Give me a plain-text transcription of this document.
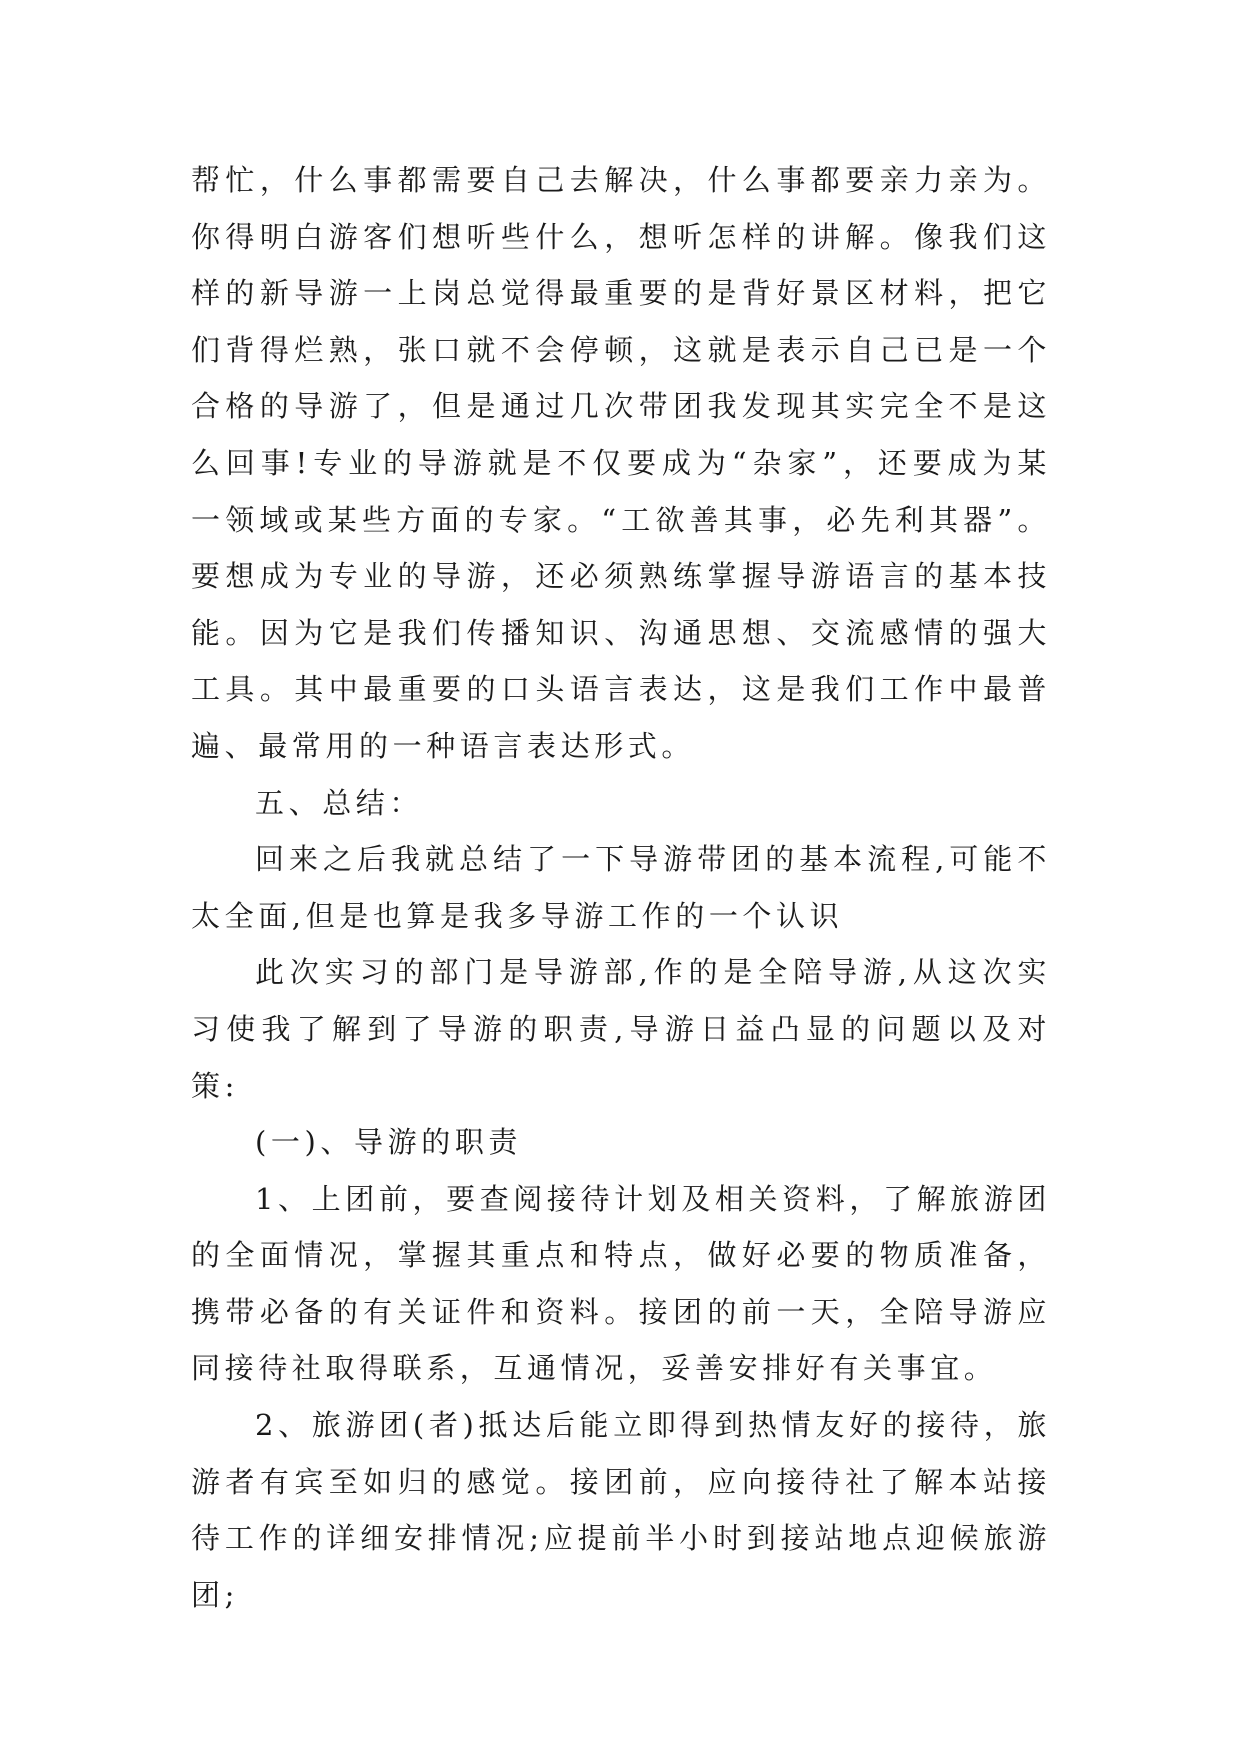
帮忙，什么事都需要自己去解决，什么事都要亲力亲为。你得明白游客们想听些什么，想听怎样的讲解。像我们这样的新导游一上岗总觉得最重要的是背好景区材料，把它们背得烂熟，张口就不会停顿，这就是表示自己已是一个合格的导游了，但是通过几次带团我发现其实完全不是这么回事!专业的导游就是不仅要成为“杂家”，还要成为某一领域或某些方面的专家。“工欲善其事，必先利其器”。要想成为专业的导游，还必须熟练掌握导游语言的基本技能。因为它是我们传播知识、沟通思想、交流感情的强大工具。其中最重要的口头语言表达，这是我们工作中最普遍、最常用的一种语言表达形式。

五、总结：

回来之后我就总结了一下导游带团的基本流程,可能不太全面,但是也算是我多导游工作的一个认识

此次实习的部门是导游部,作的是全陪导游,从这次实习使我了解到了导游的职责,导游日益凸显的问题以及对策:

(一)、导游的职责

1、上团前，要查阅接待计划及相关资料，了解旅游团的全面情况，掌握其重点和特点，做好必要的物质准备，携带必备的有关证件和资料。接团的前一天，全陪导游应同接待社取得联系，互通情况，妥善安排好有关事宜。

2、旅游团(者)抵达后能立即得到热情友好的接待，旅游者有宾至如归的感觉。接团前，应向接待社了解本站接待工作的详细安排情况;应提前半小时到接站地点迎候旅游团;
